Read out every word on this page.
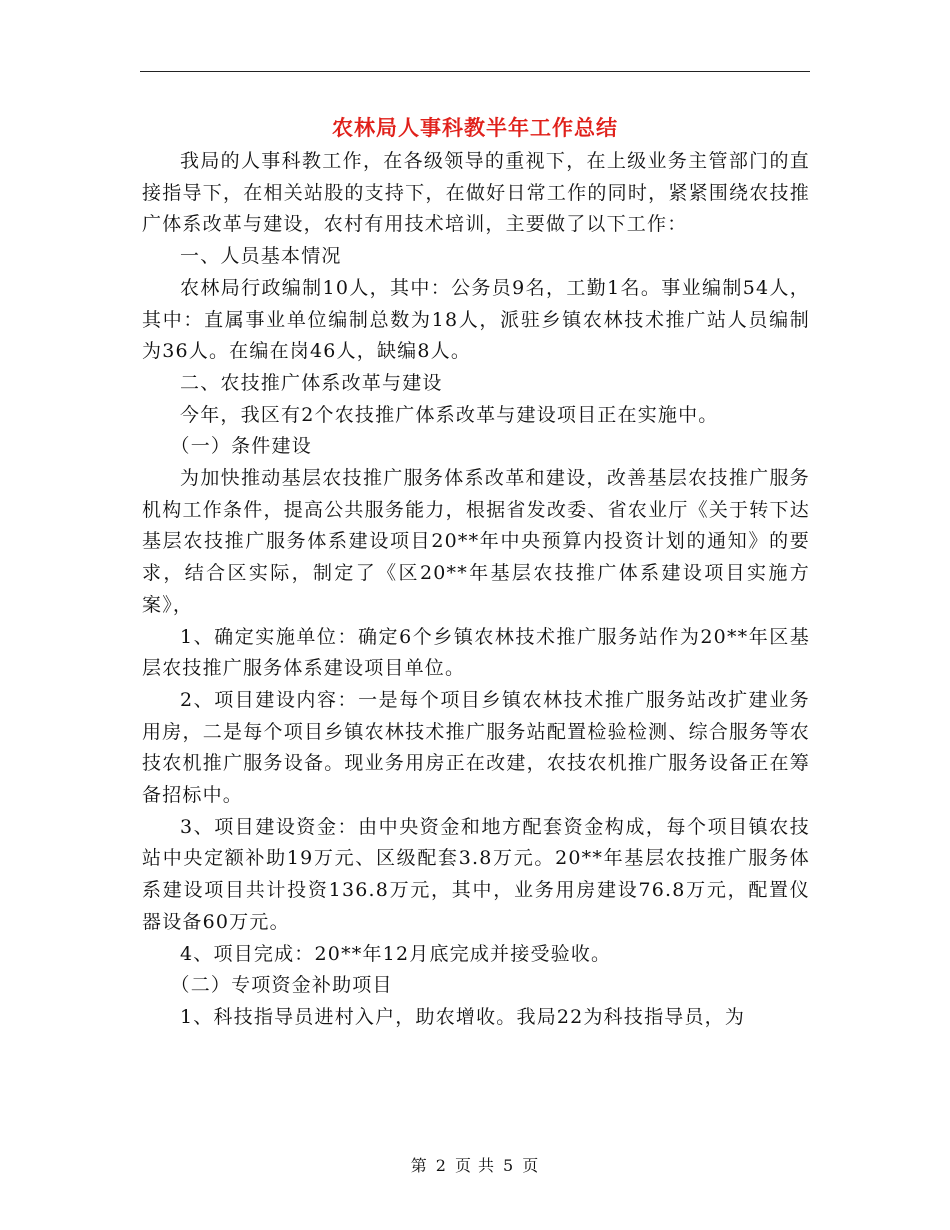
农林局人事科教半年工作总结

我局的人事科教工作，在各级领导的重视下，在上级业务主管部门的直接指导下，在相关站股的支持下，在做好日常工作的同时，紧紧围绕农技推广体系改革与建设，农村有用技术培训，主要做了以下工作：

一、人员基本情况

农林局行政编制10人，其中：公务员9名，工勤1名。事业编制54人，其中：直属事业单位编制总数为18人，派驻乡镇农林技术推广站人员编制为36人。在编在岗46人，缺编8人。

二、农技推广体系改革与建设

今年，我区有2个农技推广体系改革与建设项目正在实施中。

（一）条件建设

为加快推动基层农技推广服务体系改革和建设，改善基层农技推广服务机构工作条件，提高公共服务能力，根据省发改委、省农业厅《关于转下达基层农技推广服务体系建设项目20**年中央预算内投资计划的通知》的要求，结合区实际，制定了《区20**年基层农技推广体系建设项目实施方案》，

1、确定实施单位：确定6个乡镇农林技术推广服务站作为20**年区基层农技推广服务体系建设项目单位。

2、项目建设内容：一是每个项目乡镇农林技术推广服务站改扩建业务用房，二是每个项目乡镇农林技术推广服务站配置检验检测、综合服务等农技农机推广服务设备。现业务用房正在改建，农技农机推广服务设备正在筹备招标中。

3、项目建设资金：由中央资金和地方配套资金构成，每个项目镇农技站中央定额补助19万元、区级配套3.8万元。20**年基层农技推广服务体系建设项目共计投资136.8万元，其中，业务用房建设76.8万元，配置仪器设备60万元。

4、项目完成：20**年12月底完成并接受验收。

（二）专项资金补助项目

1、科技指导员进村入户，助农增收。我局22为科技指导员，为

第 2 页 共 5 页
